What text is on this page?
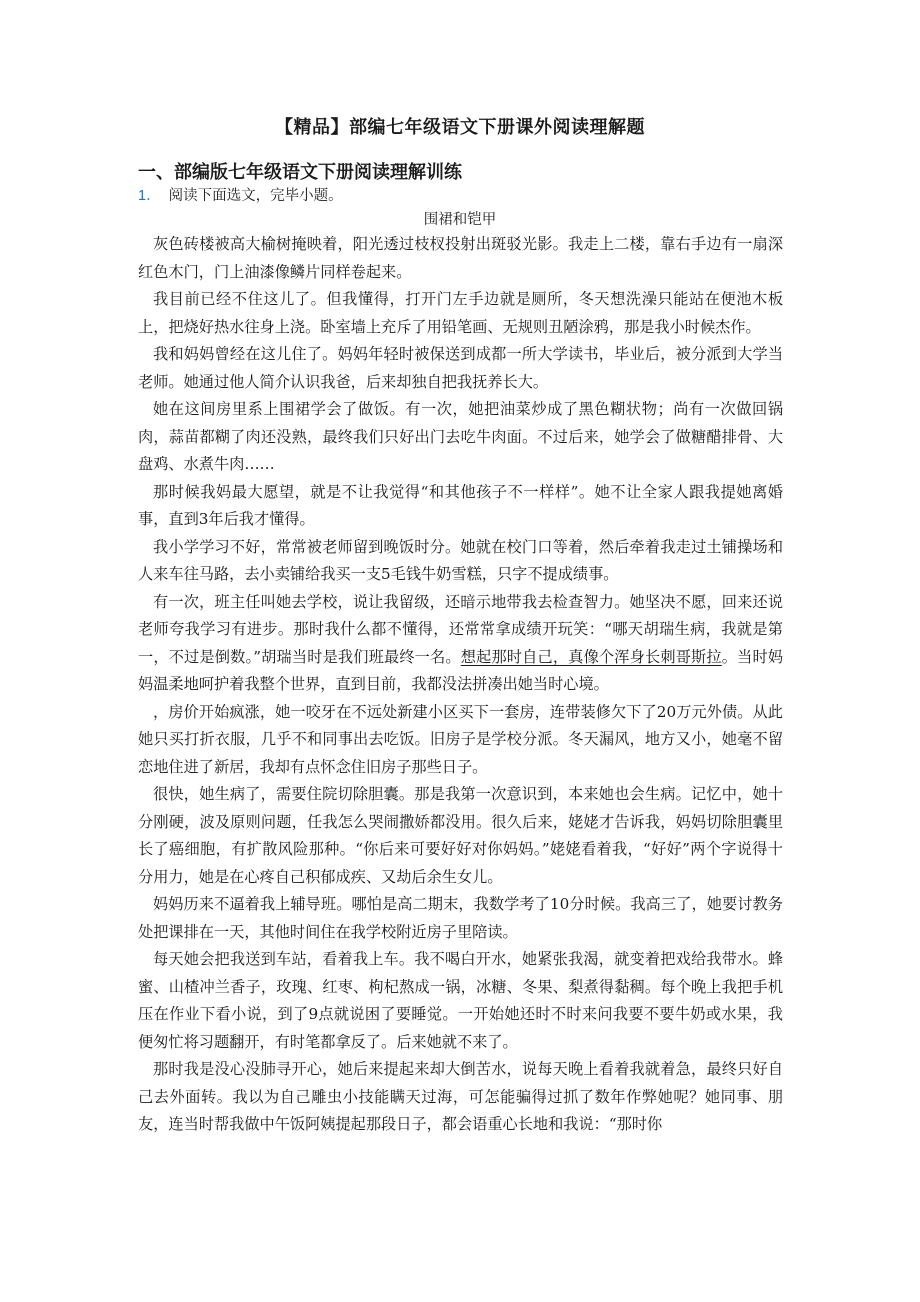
【精品】部编七年级语文下册课外阅读理解题
一、部编版七年级语文下册阅读理解训练
1． 阅读下面选文，完毕小题。
围裙和铠甲

灰色砖楼被高大榆树掩映着，阳光透过枝杈投射出斑驳光影。我走上二楼，靠右手边有一扇深红色木门，门上油漆像鳞片同样卷起来。

我目前已经不住这儿了。但我懂得，打开门左手边就是厕所，冬天想洗澡只能站在便池木板上，把烧好热水往身上浇。卧室墙上充斥了用铅笔画、无规则丑陋涂鸦，那是我小时候杰作。

我和妈妈曾经在这儿住了。妈妈年轻时被保送到成都一所大学读书，毕业后，被分派到大学当老师。她通过他人简介认识我爸，后来却独自把我抚养长大。

她在这间房里系上围裙学会了做饭。有一次，她把油菜炒成了黑色糊状物；尚有一次做回锅肉，蒜苗都糊了肉还没熟，最终我们只好出门去吃牛肉面。不过后来，她学会了做糖醋排骨、大盘鸡、水煮牛肉……

那时候我妈最大愿望，就是不让我觉得“和其他孩子不一样样”。她不让全家人跟我提她离婚事，直到3年后我才懂得。

我小学学习不好，常常被老师留到晚饭时分。她就在校门口等着，然后牵着我走过土铺操场和人来车往马路，去小卖铺给我买一支5毛钱牛奶雪糕，只字不提成绩事。

有一次，班主任叫她去学校，说让我留级，还暗示地带我去检查智力。她坚决不愿，回来还说老师夸我学习有进步。那时我什么都不懂得，还常常拿成绩开玩笑：“哪天胡瑞生病，我就是第一，不过是倒数。”胡瑞当时是我们班最终一名。想起那时自己，真像个浑身长刺哥斯拉。当时妈妈温柔地呵护着我整个世界，直到目前，我都没法拼凑出她当时心境。

，房价开始疯涨，她一咬牙在不远处新建小区买下一套房，连带装修欠下了20万元外债。从此她只买打折衣服，几乎不和同事出去吃饭。旧房子是学校分派。冬天漏风，地方又小，她毫不留恋地住进了新居，我却有点怀念住旧房子那些日子。

很快，她生病了，需要住院切除胆囊。那是我第一次意识到，本来她也会生病。记忆中，她十分刚硬，波及原则问题，任我怎么哭闹撒娇都没用。很久后来，姥姥才告诉我，妈妈切除胆囊里长了癌细胞，有扩散风险那种。“你后来可要好好对你妈妈。”姥姥看着我，“好好”两个字说得十分用力，她是在心疼自己积郁成疾、又劫后余生女儿。

妈妈历来不逼着我上辅导班。哪怕是高二期末，我数学考了10分时候。我高三了，她要讨教务处把课排在一天，其他时间住在我学校附近房子里陪读。

每天她会把我送到车站，看着我上车。我不喝白开水，她紧张我渴，就变着把戏给我带水。蜂蜜、山楂冲兰香子，玫瑰、红枣、枸杞熬成一锅，冰糖、冬果、梨煮得黏稠。每个晚上我把手机压在作业下看小说，到了9点就说困了要睡觉。一开始她还时不时来问我要不要牛奶或水果，我便匆忙将习题翻开，有时笔都拿反了。后来她就不来了。

那时我是没心没肺寻开心，她后来提起来却大倒苦水，说每天晚上看着我就着急，最终只好自己去外面转。我以为自己雕虫小技能瞒天过海，可怎能骗得过抓了数年作弊她呢？她同事、朋友，连当时帮我做中午饭阿姨提起那段日子，都会语重心长地和我说：“那时你
